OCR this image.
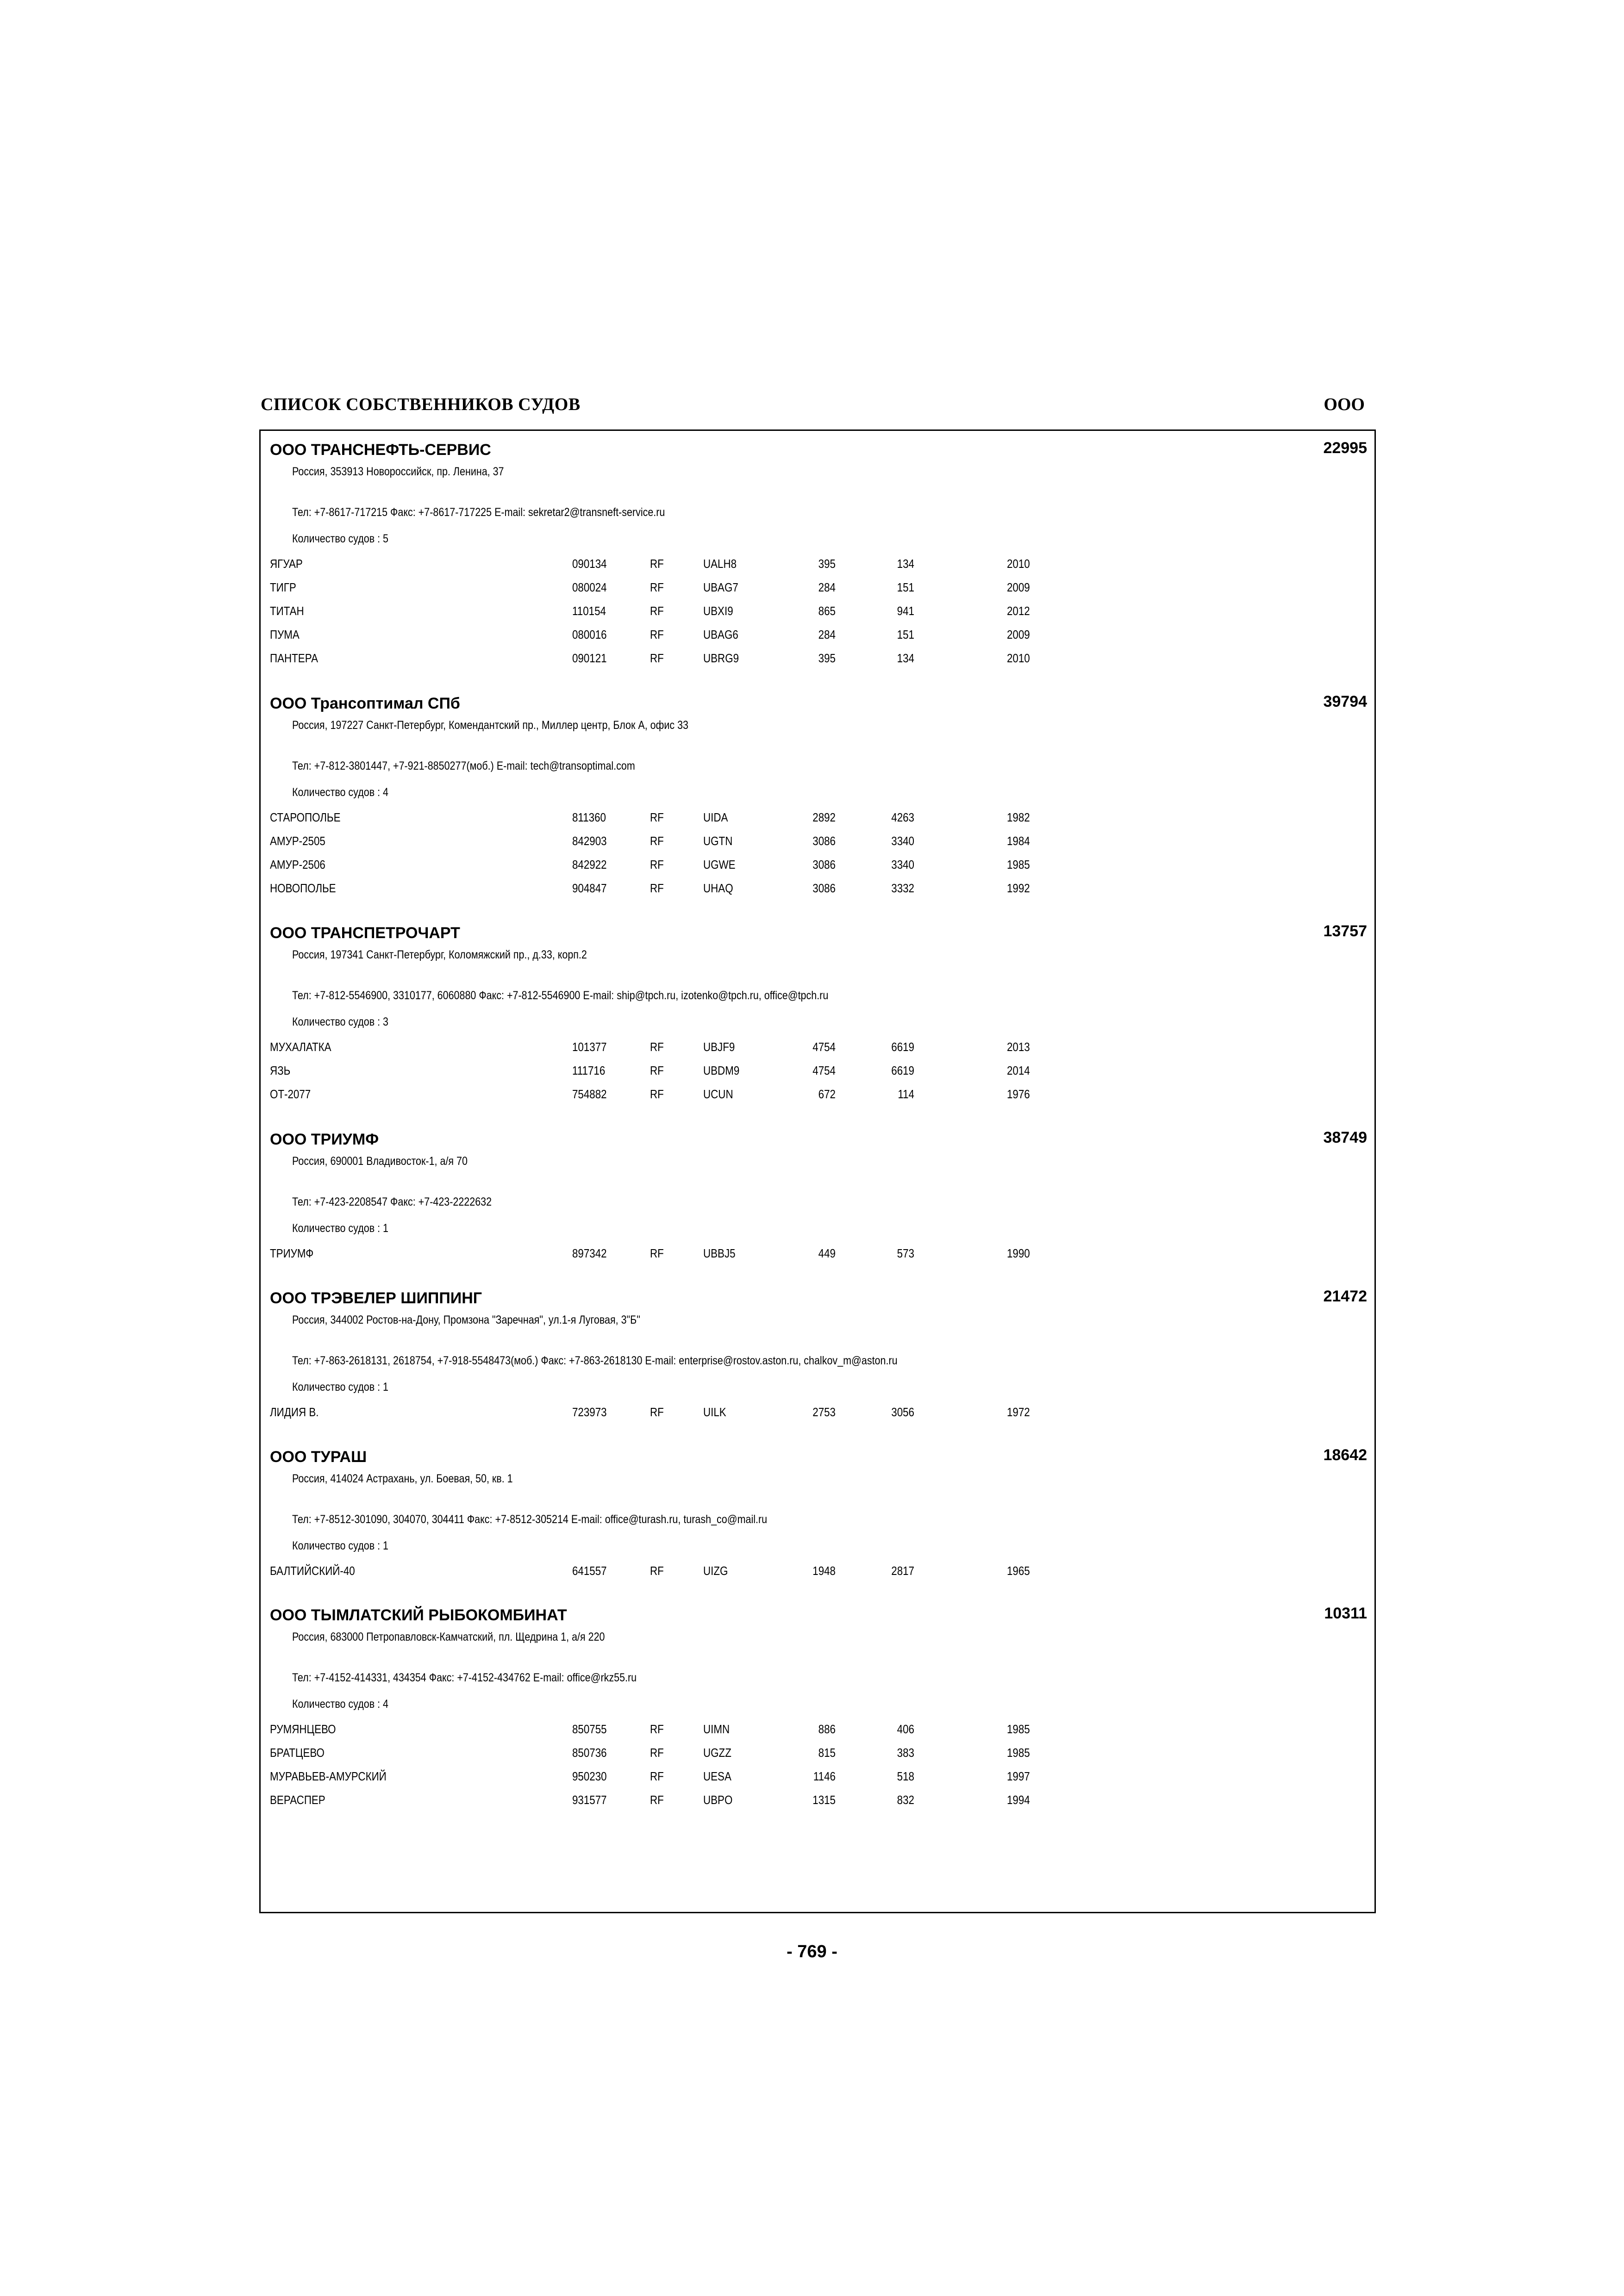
СПИСОК СОБСТВЕННИКОВ СУДОВ	ООО
ООО ТРАНСНЕФТЬ-СЕРВИС	22995
Россия, 353913 Новороссийск, пр. Ленина, 37
Тел: +7-8617-717215 Факс: +7-8617-717225 E-mail: sekretar2@transneft-service.ru
Количество судов : 5
ЯГУАР	090134	RF	UALH8	395	134	2010
ТИГР	080024	RF	UBAG7	284	151	2009
ТИТАН	110154	RF	UBXI9	865	941	2012
ПУМА	080016	RF	UBAG6	284	151	2009
ПАНТЕРА	090121	RF	UBRG9	395	134	2010
ООО Трансоптимал СПб	39794
Россия, 197227 Санкт-Петербург, Комендантский пр., Миллер центр, Блок А, офис 33
Тел: +7-812-3801447, +7-921-8850277(моб.) E-mail: tech@transoptimal.com
Количество судов : 4
СТАРОПОЛЬЕ	811360	RF	UIDA	2892	4263	1982
АМУР-2505	842903	RF	UGTN	3086	3340	1984
АМУР-2506	842922	RF	UGWE	3086	3340	1985
НОВОПОЛЬЕ	904847	RF	UHAQ	3086	3332	1992
ООО ТРАНСПЕТРОЧАРТ	13757
Россия, 197341 Санкт-Петербург, Коломяжский пр., д.33, корп.2
Тел: +7-812-5546900, 3310177, 6060880 Факс: +7-812-5546900 E-mail: ship@tpch.ru, izotenko@tpch.ru, office@tpch.ru
Количество судов : 3
МУХАЛАТКА	101377	RF	UBJF9	4754	6619	2013
ЯЗЬ	111716	RF	UBDM9	4754	6619	2014
ОТ-2077	754882	RF	UCUN	672	114	1976
ООО ТРИУМФ	38749
Россия, 690001 Владивосток-1, а/я 70
Тел: +7-423-2208547 Факс: +7-423-2222632
Количество судов : 1
ТРИУМФ	897342	RF	UBBJ5	449	573	1990
ООО ТРЭВЕЛЕР ШИППИНГ	21472
Россия, 344002 Ростов-на-Дону, Промзона "Заречная", ул.1-я Луговая, 3"Б"
Тел: +7-863-2618131, 2618754, +7-918-5548473(моб.) Факс: +7-863-2618130 E-mail: enterprise@rostov.aston.ru, chalkov_m@aston.ru
Количество судов : 1
ЛИДИЯ В.	723973	RF	UILK	2753	3056	1972
ООО ТУРАШ	18642
Россия, 414024 Астрахань, ул. Боевая, 50, кв. 1
Тел: +7-8512-301090, 304070, 304411 Факс: +7-8512-305214 E-mail: office@turash.ru, turash_co@mail.ru
Количество судов : 1
БАЛТИЙСКИЙ-40	641557	RF	UIZG	1948	2817	1965
ООО ТЫМЛАТСКИЙ РЫБОКОМБИНАТ	10311
Россия, 683000 Петропавловск-Камчатский, пл. Щедрина 1, а/я 220
Тел: +7-4152-414331, 434354 Факс: +7-4152-434762 E-mail: office@rkz55.ru
Количество судов : 4
РУМЯНЦЕВО	850755	RF	UIMN	886	406	1985
БРАТЦЕВО	850736	RF	UGZZ	815	383	1985
МУРАВЬЕВ-АМУРСКИЙ	950230	RF	UESA	1146	518	1997
ВЕРАСПЕР	931577	RF	UBPO	1315	832	1994
- 769 -
